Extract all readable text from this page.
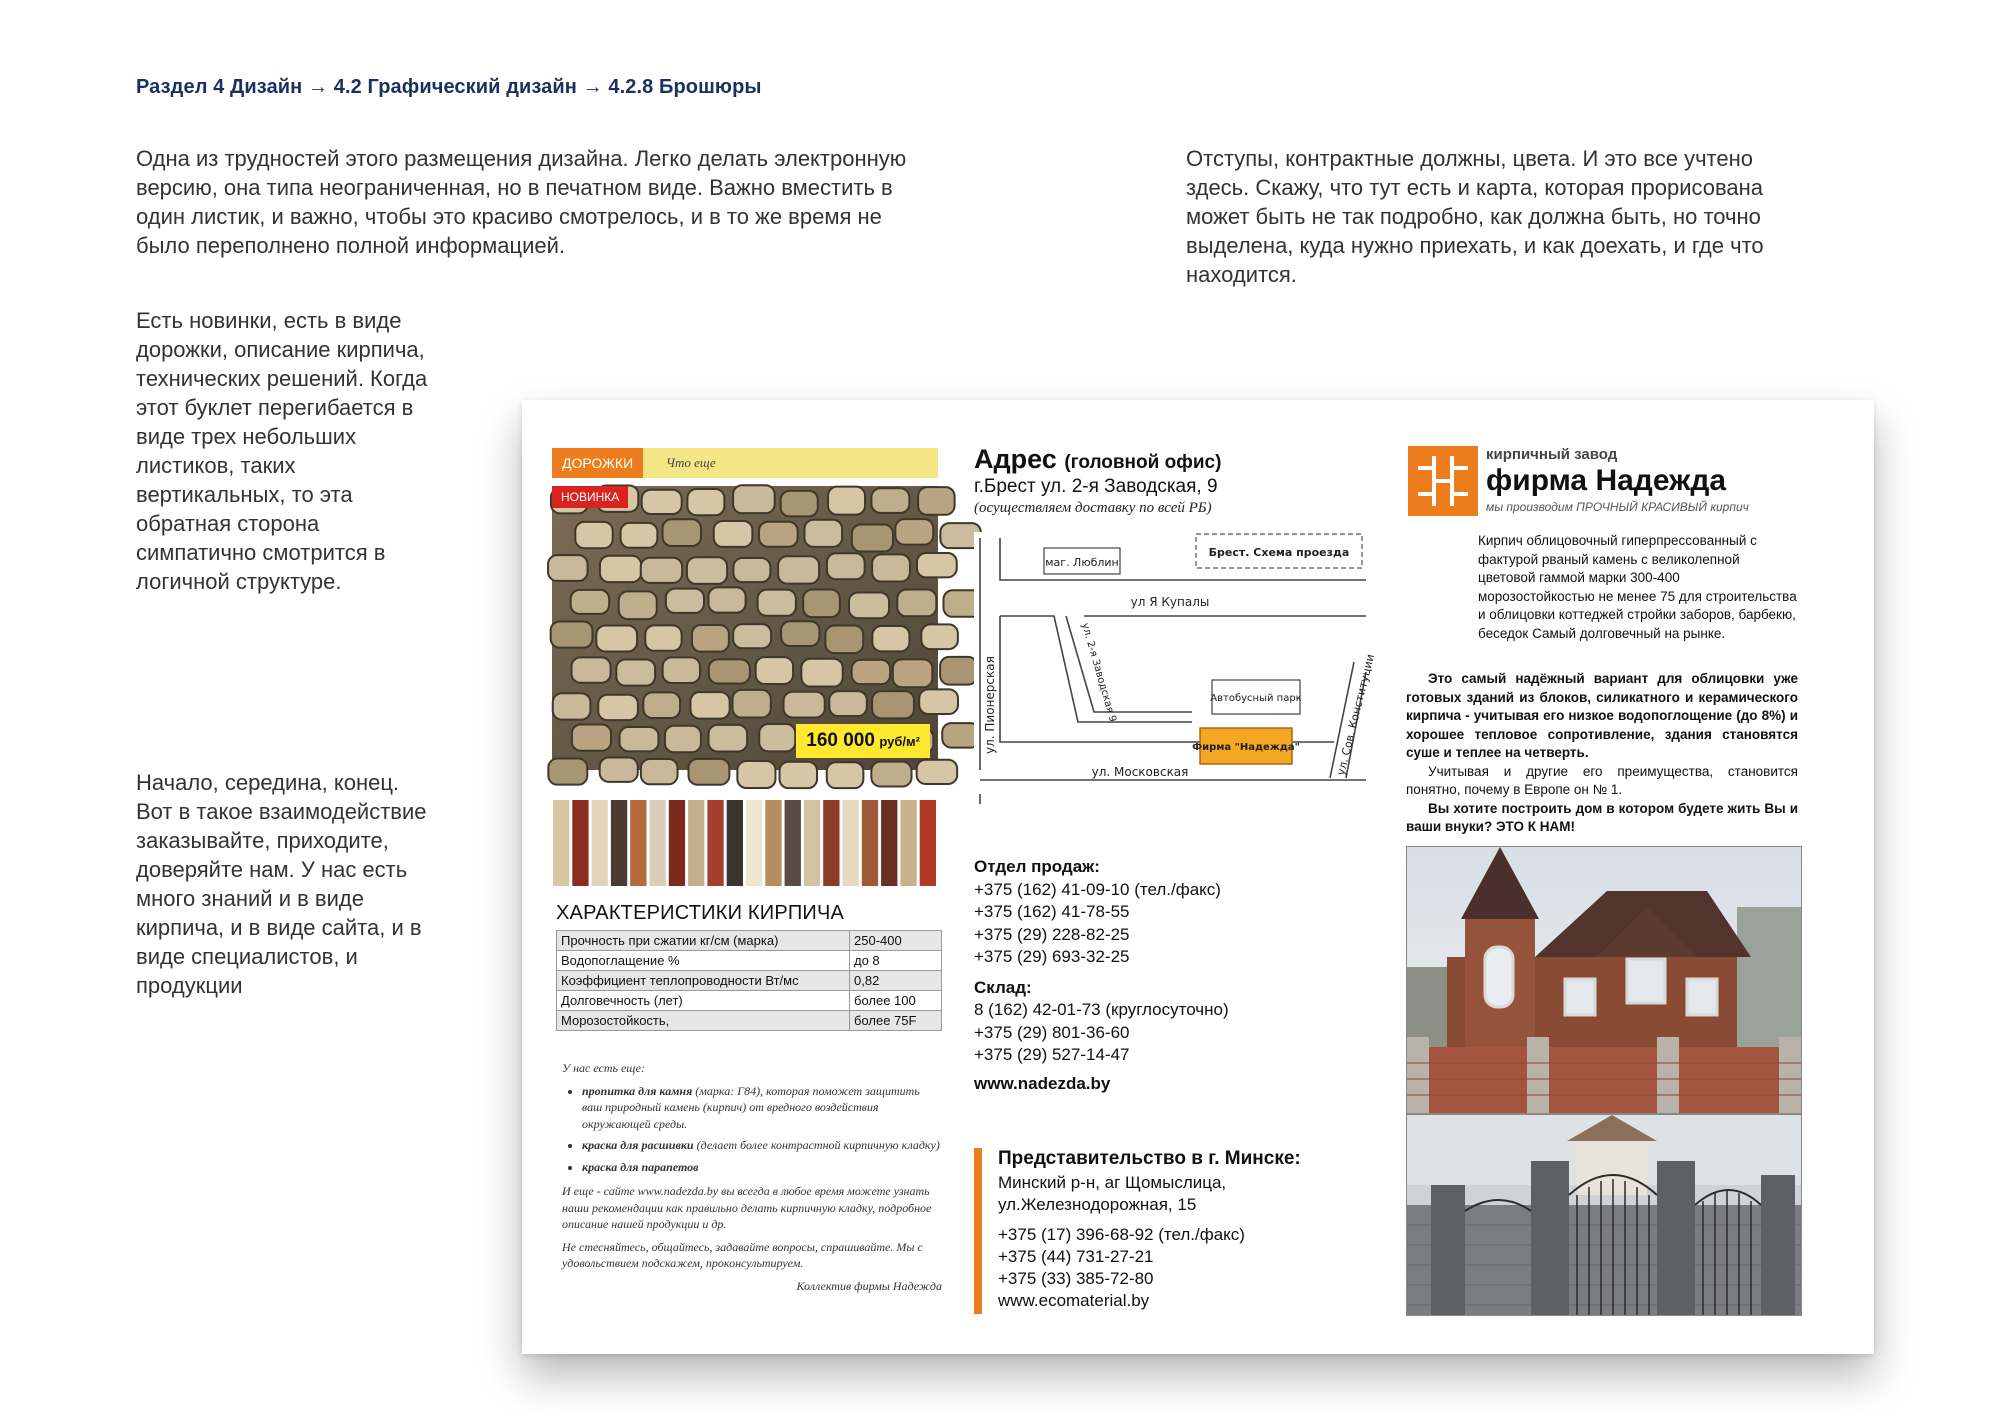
Раздел 4 Дизайн → 4.2 Графический дизайн → 4.2.8 Брошюры
Одна из трудностей этого размещения дизайна. Легко делать электронную версию, она типа неограниченная, но в печатном виде. Важно вместить в один листик, и важно, чтобы это красиво смотрелось, и в то же время не было переполнено полной информацией.
Отступы, контрактные должны, цвета. И это все учтено здесь. Скажу, что тут есть и карта, которая прорисована может быть не так подробно, как должна быть, но точно выделена, куда нужно приехать, и как доехать, и где что находится.
Есть новинки, есть в виде дорожки, описание кирпича, технических решений. Когда этот буклет перегибается в виде трех небольших листиков, таких вертикальных, то эта обратная сторона симпатично смотрится в логичной структуре.
Начало, середина, конец. Вот в такое взаимодействие заказывайте, приходите, доверяйте нам. У нас есть много знаний и в виде кирпича, и в виде сайта, и в виде специалистов, и продукции
ДОРОЖКИ	Что еще
НОВИНКА
160 000 руб/м²
ХАРАКТЕРИСТИКИ КИРПИЧА
Прочность при сжатии кг/см (марка)	250-400
Водопоглащение %	до 8
Коэффициент теплопроводности Вт/мс	0,82
Долговечность (лет)	более 100
Морозостойкость,	более 75F

У нас есть еще:

• пропитка для камня (марка: Г84), которая поможет защитить ваш природный камень (кирпич) от вредного воздействия окружающей среды.
• краска для расшивки (делает более контрастной кирпичную кладку)
• краска для парапетов

И еще - сайте www.nadezda.by вы всегда в любое время можете узнать наши рекомендации как правильно делать кирпичную кладку, подробное описание нашей продукции и др.

Не стесняйтесь, общайтесь, задавайте вопросы, спрашивайте. Мы с удовольствием подскажем, проконсультируем.

Коллектив фирмы Надежда

Адрес (головной офис)
г.Брест ул. 2-я Заводская, 9
(осуществляем доставку по всей РБ)
маг. Люблин
Брест. Схема проезда
ул Я Купалы
ул. 2-я Заводская 9
ул. Пионерская	Автобусный парк
Фирма "Надежда"	ул. Сов. Конституции
ул. Московская
Отдел продаж:
+375 (162) 41-09-10 (тел./факс)
+375 (162) 41-78-55
+375 (29) 228-82-25
+375 (29) 693-32-25
Склад:
8 (162) 42-01-73 (круглосуточно)
+375 (29) 801-36-60
+375 (29) 527-14-47
www.nadezda.by
Представительство в г. Минске:
Минский р-н, аг Щомыслица,
ул.Железнодорожная, 15
+375 (17) 396-68-92 (тел./факс)
+375 (44) 731-27-21
+375 (33) 385-72-80
www.ecomaterial.by
кирпичный завод
фирма Надежда
мы производим ПРОЧНЫЙ КРАСИВЫЙ кирпич
Кирпич облицовочный гиперпрессованный с фактурой рваный камень с великолепной цветовой гаммой марки 300-400 морозостойкостью не менее 75 для строительства и облицовки коттеджей стройки заборов, барбекю, беседок Самый долговечный на рынке.

Это самый надёжный вариант для облицовки уже готовых зданий из блоков, силикатного и керамического кирпича - учитывая его низкое водопоглощение (до 8%) и хорошее тепловое сопротивление, здания становятся суше и теплее на четверть.

Учитывая и другие его преимущества, становится понятно, почему в Европе он № 1.

Вы хотите построить дом в котором будете жить Вы и ваши внуки? ЭТО К НАМ!
